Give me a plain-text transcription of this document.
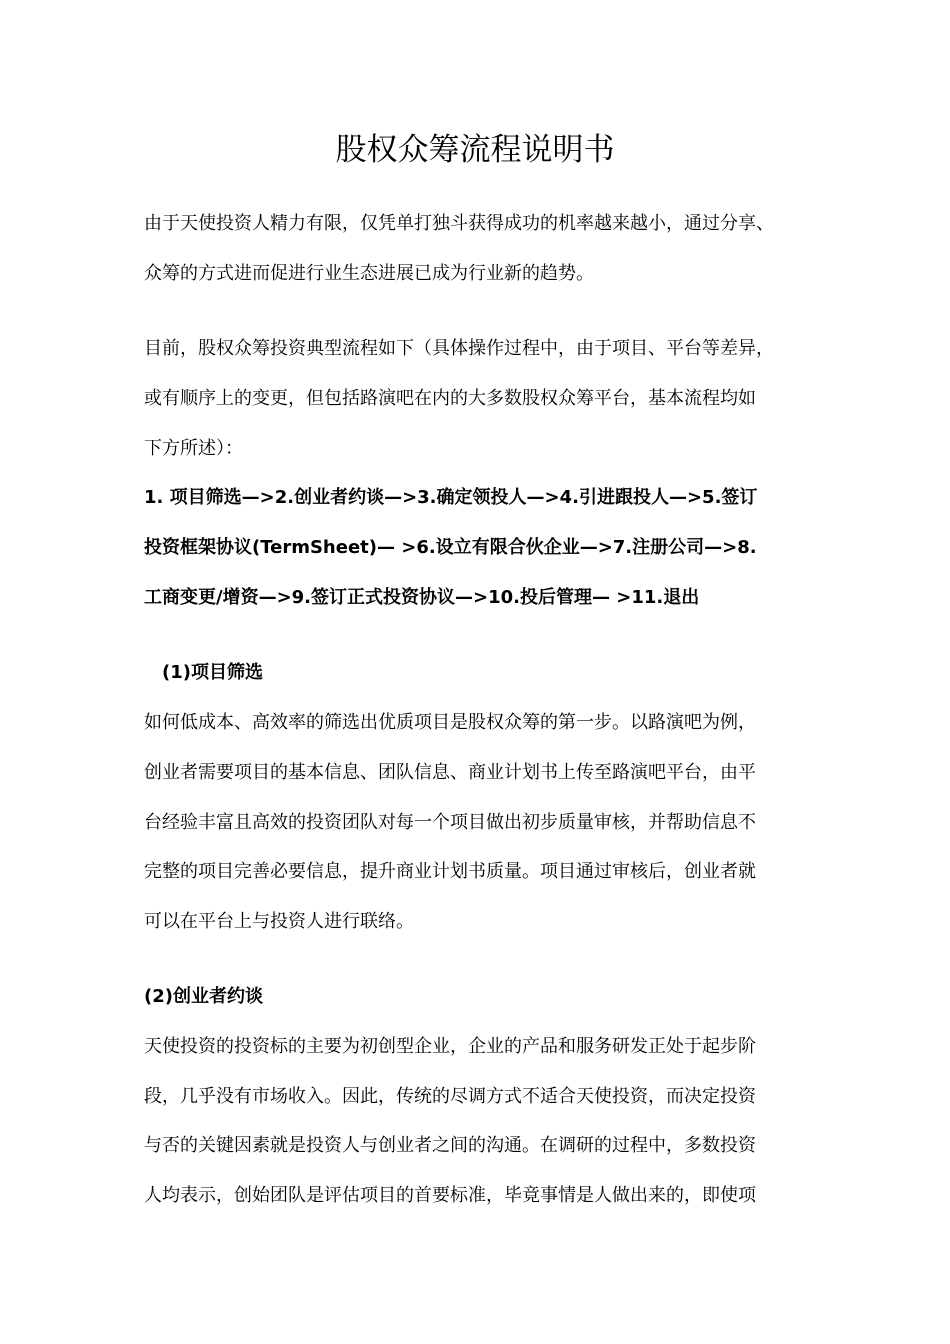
股权众筹流程说明书

由于天使投资人精力有限，仅凭单打独斗获得成功的机率越来越小，通过分享、

众筹的方式进而促进行业生态进展已成为行业新的趋势。

目前，股权众筹投资典型流程如下（具体操作过程中，由于项目、平台等差异，

或有顺序上的变更，但包括路演吧在内的大多数股权众筹平台，基本流程均如

下方所述）：

1. 项目筛选—>2.创业者约谈—>3.确定领投人—>4.引进跟投人—>5.签订

投资框架协议(TermSheet)— >6.设立有限合伙企业—>7.注册公司—>8.

工商变更/增资—>9.签订正式投资协议—>10.投后管理— >11.退出

(1)项目筛选

如何低成本、高效率的筛选出优质项目是股权众筹的第一步。以路演吧为例，

创业者需要项目的基本信息、团队信息、商业计划书上传至路演吧平台，由平

台经验丰富且高效的投资团队对每一个项目做出初步质量审核，并帮助信息不

完整的项目完善必要信息，提升商业计划书质量。项目通过审核后，创业者就

可以在平台上与投资人进行联络。

(2)创业者约谈

天使投资的投资标的主要为初创型企业，企业的产品和服务研发正处于起步阶

段，几乎没有市场收入。因此，传统的尽调方式不适合天使投资，而决定投资

与否的关键因素就是投资人与创业者之间的沟通。在调研的过程中，多数投资

人均表示，创始团队是评估项目的首要标准，毕竟事情是人做出来的，即使项
